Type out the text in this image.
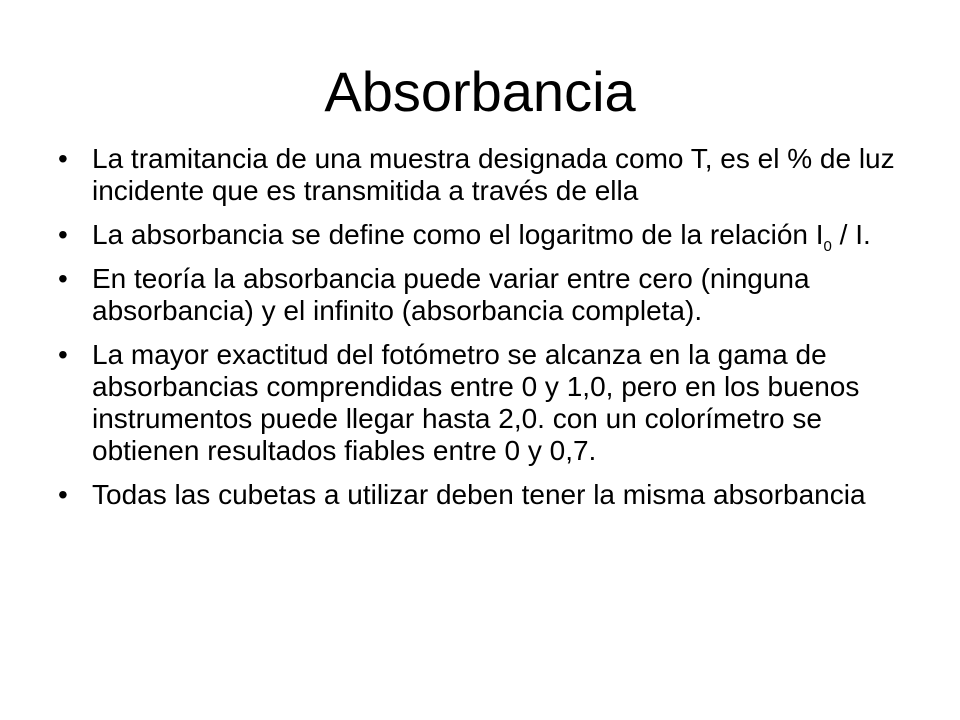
Absorbancia
• La tramitancia de una muestra designada como T, es el % de luz incidente que es transmitida a través de ella
• La absorbancia se define como el logaritmo de la relación $I_0$ / I.
• En teoría la absorbancia puede variar entre cero (ninguna absorbancia) y el infinito (absorbancia completa).
• La mayor exactitud del fotómetro se alcanza en la gama de absorbancias comprendidas entre 0 y 1,0, pero en los buenos instrumentos puede llegar hasta 2,0. con un colorímetro se obtienen resultados fiables entre 0 y 0,7.
• Todas las cubetas a utilizar deben tener la misma absorbancia
